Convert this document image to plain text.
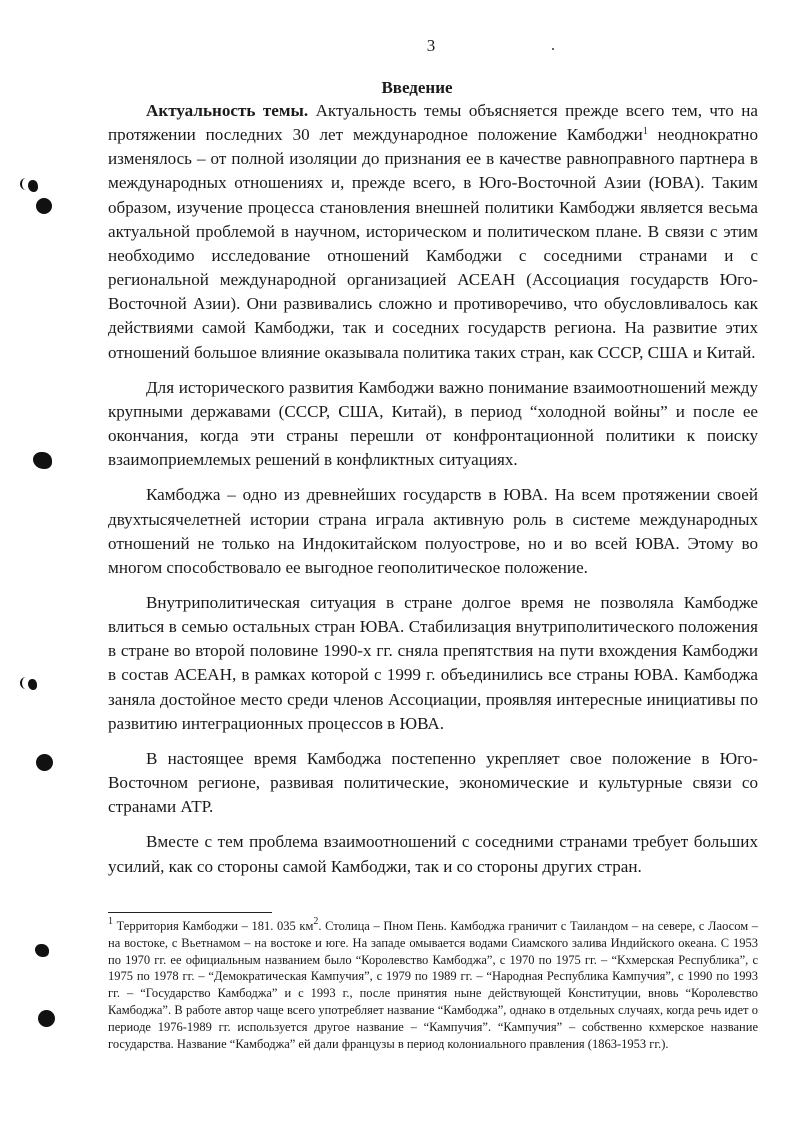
3
Введение

Актуальность темы. Актуальность темы объясняется прежде всего тем, что на протяжении последних 30 лет международное положение Камбоджи$^1$ неоднократно изменялось – от полной изоляции до признания ее в качестве равноправного партнера в международных отношениях и, прежде всего, в Юго-Восточной Азии (ЮВА). Таким образом, изучение процесса становления внешней политики Камбоджи является весьма актуальной проблемой в научном, историческом и политическом плане. В связи с этим необходимо исследование отношений Камбоджи с соседними странами и с региональной международной организацией АСЕАН (Ассоциация государств Юго-Восточной Азии). Они развивались сложно и противоречиво, что обусловливалось как действиями самой Камбоджи, так и соседних государств региона. На развитие этих отношений большое влияние оказывала политика таких стран, как СССР, США и Китай.

Для исторического развития Камбоджи важно понимание взаимоотношений между крупными державами (СССР, США, Китай), в период “холодной войны” и после ее окончания, когда эти страны перешли от конфронтационной политики к поиску взаимоприемлемых решений в конфликтных ситуациях.

Камбоджа – одно из древнейших государств в ЮВА. На всем протяжении своей двухтысячелетней истории страна играла активную роль в системе международных отношений не только на Индокитайском полуострове, но и во всей ЮВА. Этому во многом способствовало ее выгодное геополитическое положение.

Внутриполитическая ситуация в стране долгое время не позволяла Камбодже влиться в семью остальных стран ЮВА. Стабилизация внутриполитического положения в стране во второй половине 1990-х гг. сняла препятствия на пути вхождения Камбоджи в состав АСЕАН, в рамках которой с 1999 г. объединились все страны ЮВА. Камбоджа заняла достойное место среди членов Ассоциации, проявляя интересные инициативы по развитию интеграционных процессов в ЮВА.

В настоящее время Камбоджа постепенно укрепляет свое положение в Юго-Восточном регионе, развивая политические, экономические и культурные связи со странами АТР.

Вместе с тем проблема взаимоотношений с соседними странами требует больших усилий, как со стороны самой Камбоджи, так и со стороны других стран.

$^1$ Территория Камбоджи – 181. 035 $км^2$. Столица – Пном Пень. Камбоджа граничит с Таиландом – на севере, с Лаосом – на востоке, с Вьетнамом – на востоке и юге. На западе омывается водами Сиамского залива Индийского океана. С 1953 по 1970 гг. ее официальным названием было “Королевство Камбоджа”, с 1970 по 1975 гг. – “Кхмерская Республика”, с 1975 по 1978 гг. – “Демократическая Кампучия”, с 1979 по 1989 гг. – “Народная Республика Кампучия”, с 1990 по 1993 гг. – “Государство Камбоджа” и с 1993 г., после принятия ныне действующей Конституции, вновь “Королевство Камбоджа”. В работе автор чаще всего употребляет название “Камбоджа”, однако в отдельных случаях, когда речь идет о периоде 1976-1989 гг. используется другое название – “Кампучия”. “Кампучия” – собственно кхмерское название государства. Название “Камбоджа” ей дали французы в период колониального правления (1863-1953 гг.).
